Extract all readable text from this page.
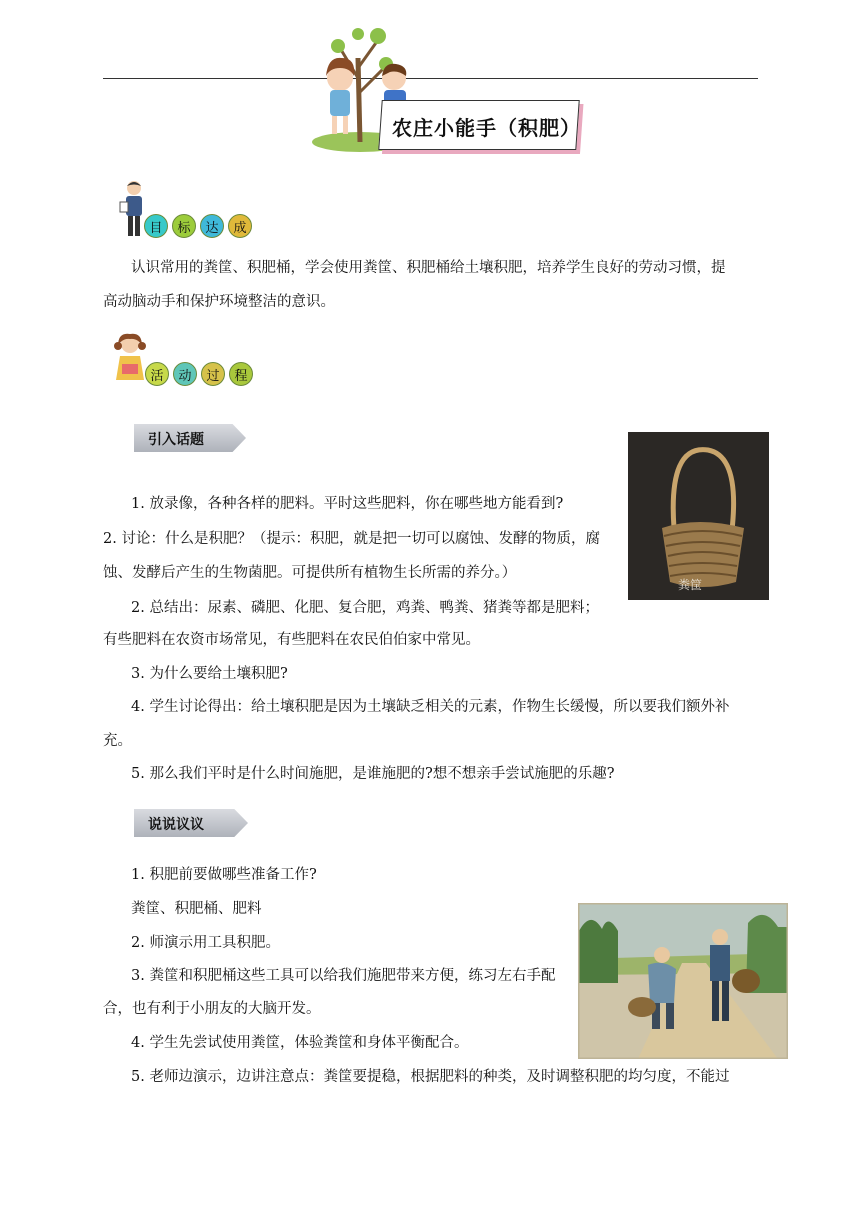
农庄小能手（积肥）
目	标	达	成
认识常用的粪筐、积肥桶，学会使用粪筐、积肥桶给土壤积肥，培养学生良好的劳动习惯，提
高动脑动手和保护环境整洁的意识。
活	动	过	程
引入话题
粪筐
1. 放录像，各种各样的肥料。平时这些肥料，你在哪些地方能看到?
2. 讨论：什么是积肥？（提示：积肥，就是把一切可以腐蚀、发酵的物质，腐
蚀、发酵后产生的生物菌肥。可提供所有植物生长所需的养分。）
2. 总结出：尿素、磷肥、化肥、复合肥，鸡粪、鸭粪、猪粪等都是肥料；
有些肥料在农资市场常见，有些肥料在农民伯伯家中常见。
3. 为什么要给土壤积肥?
4. 学生讨论得出：给土壤积肥是因为土壤缺乏相关的元素，作物生长缓慢，所以要我们额外补
充。
5. 那么我们平时是什么时间施肥，是谁施肥的?想不想亲手尝试施肥的乐趣?
说说议议
1. 积肥前要做哪些准备工作?
粪筐、积肥桶、肥料
2. 师演示用工具积肥。
3. 粪筐和积肥桶这些工具可以给我们施肥带来方便，练习左右手配
合，也有利于小朋友的大脑开发。
4. 学生先尝试使用粪筐，体验粪筐和身体平衡配合。
5. 老师边演示，边讲注意点：粪筐要提稳，根据肥料的种类，及时调整积肥的均匀度，不能过
